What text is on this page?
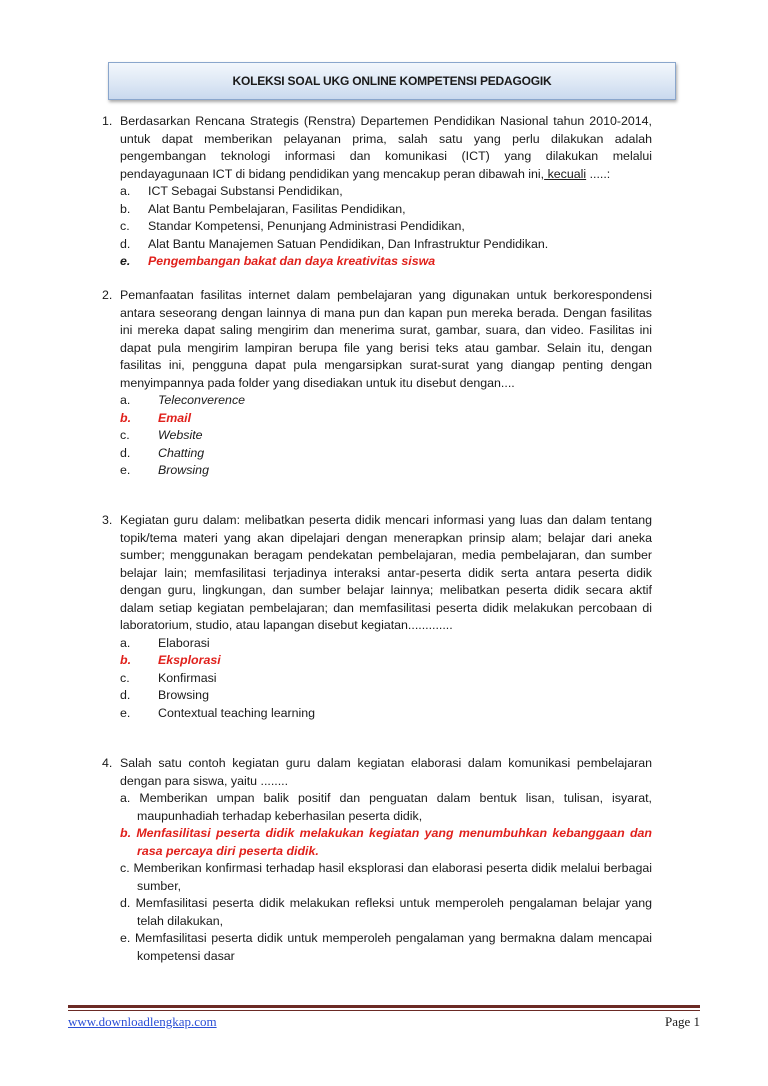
KOLEKSI SOAL UKG ONLINE KOMPETENSI PEDAGOGIK
1. Berdasarkan Rencana Strategis (Renstra) Departemen Pendidikan Nasional tahun 2010-2014, untuk dapat memberikan pelayanan prima, salah satu yang perlu dilakukan adalah pengembangan teknologi informasi dan komunikasi (ICT) yang dilakukan melalui pendayagunaan ICT di bidang pendidikan yang mencakup peran dibawah ini, kecuali .....:
a.	ICT Sebagai Substansi Pendidikan,
b.	Alat Bantu Pembelajaran, Fasilitas Pendidikan,
c.	Standar Kompetensi, Penunjang Administrasi Pendidikan,
d.	Alat Bantu Manajemen Satuan Pendidikan, Dan Infrastruktur Pendidikan.
e.	Pengembangan bakat dan daya kreativitas siswa
2. Pemanfaatan fasilitas internet dalam pembelajaran yang digunakan untuk berkorespondensi antara seseorang dengan lainnya di mana pun dan kapan pun mereka berada. Dengan fasilitas ini mereka dapat saling mengirim dan menerima surat, gambar, suara, dan video. Fasilitas ini dapat pula mengirim lampiran berupa file yang berisi teks atau gambar. Selain itu, dengan fasilitas ini, pengguna dapat pula mengarsipkan surat-surat yang diangap penting dengan menyimpannya pada folder yang disediakan untuk itu disebut dengan....
a.	Teleconverence
b.	Email
c.	Website
d.	Chatting
e.	Browsing
3. Kegiatan guru dalam: melibatkan peserta didik mencari informasi yang luas dan dalam tentang topik/tema materi yang akan dipelajari dengan menerapkan prinsip alam; belajar dari aneka sumber; menggunakan beragam pendekatan pembelajaran, media pembelajaran, dan sumber belajar lain; memfasilitasi terjadinya interaksi antar-peserta didik serta antara peserta didik dengan guru, lingkungan, dan sumber belajar lainnya; melibatkan peserta didik secara aktif dalam setiap kegiatan pembelajaran; dan memfasilitasi peserta didik melakukan percobaan di laboratorium, studio, atau lapangan disebut kegiatan.............
a.	Elaborasi
b.	Eksplorasi
c.	Konfirmasi
d.	Browsing
e.	Contextual teaching learning
4. Salah satu contoh kegiatan guru dalam kegiatan elaborasi dalam komunikasi pembelajaran dengan para siswa, yaitu ........
a. Memberikan umpan balik positif dan penguatan dalam bentuk lisan, tulisan, isyarat, maupunhadiah terhadap keberhasilan peserta didik,
b. Menfasilitasi peserta didik melakukan kegiatan yang menumbuhkan kebanggaan dan rasa percaya diri peserta didik.
c. Memberikan konfirmasi terhadap hasil eksplorasi dan elaborasi peserta didik melalui berbagai sumber,
d. Memfasilitasi peserta didik melakukan refleksi untuk memperoleh pengalaman belajar yang telah dilakukan,
e. Memfasilitasi peserta didik untuk memperoleh pengalaman yang bermakna dalam mencapai kompetensi dasar
www.downloadlengkap.com	Page 1
